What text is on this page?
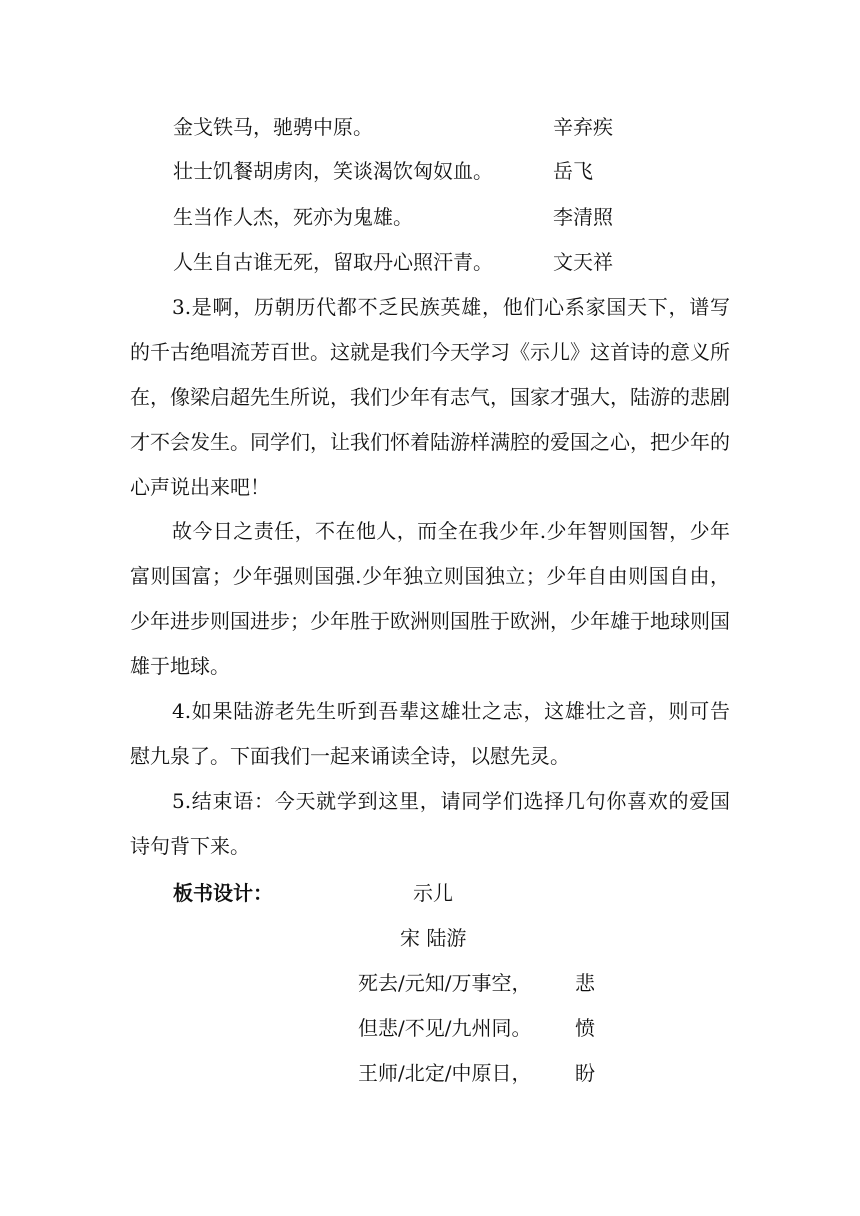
金戈铁马，驰骋中原。	辛弃疾
壮士饥餐胡虏肉，笑谈渴饮匈奴血。	岳飞
生当作人杰，死亦为鬼雄。	李清照
人生自古谁无死，留取丹心照汗青。	文天祥
3.是啊，历朝历代都不乏民族英雄，他们心系家国天下，谱写的千古绝唱流芳百世。这就是我们今天学习《示儿》这首诗的意义所在，像梁启超先生所说，我们少年有志气，国家才强大，陆游的悲剧才不会发生。同学们，让我们怀着陆游样满腔的爱国之心，把少年的心声说出来吧！
故今日之责任，不在他人，而全在我少年.少年智则国智，少年富则国富；少年强则国强.少年独立则国独立；少年自由则国自由，少年进步则国进步；少年胜于欧洲则国胜于欧洲，少年雄于地球则国雄于地球。
4.如果陆游老先生听到吾辈这雄壮之志，这雄壮之音，则可告慰九泉了。下面我们一起来诵读全诗，以慰先灵。
5.结束语：今天就学到这里，请同学们选择几句你喜欢的爱国诗句背下来。
板书设计：	示儿
宋 陆游
死去/元知/万事空， 悲
但悲/不见/九州同。 愤
王师/北定/中原日， 盼
